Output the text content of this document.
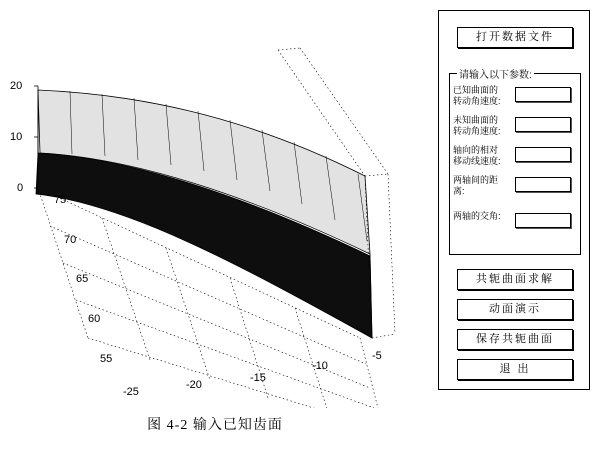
20
10
0
75
70
65
60
55
-25
-20
-15
-10
-5
打开数据文件
请输入以下参数:
已知曲面的
转动角速度:
未知曲面的
转动角速度:
轴向的相对
移动线速度:
两轴间的距
离:
两轴的交角:
共轭曲面求解
动面演示
保存共轭曲面
退 出
图 4-2 输入已知齿面
